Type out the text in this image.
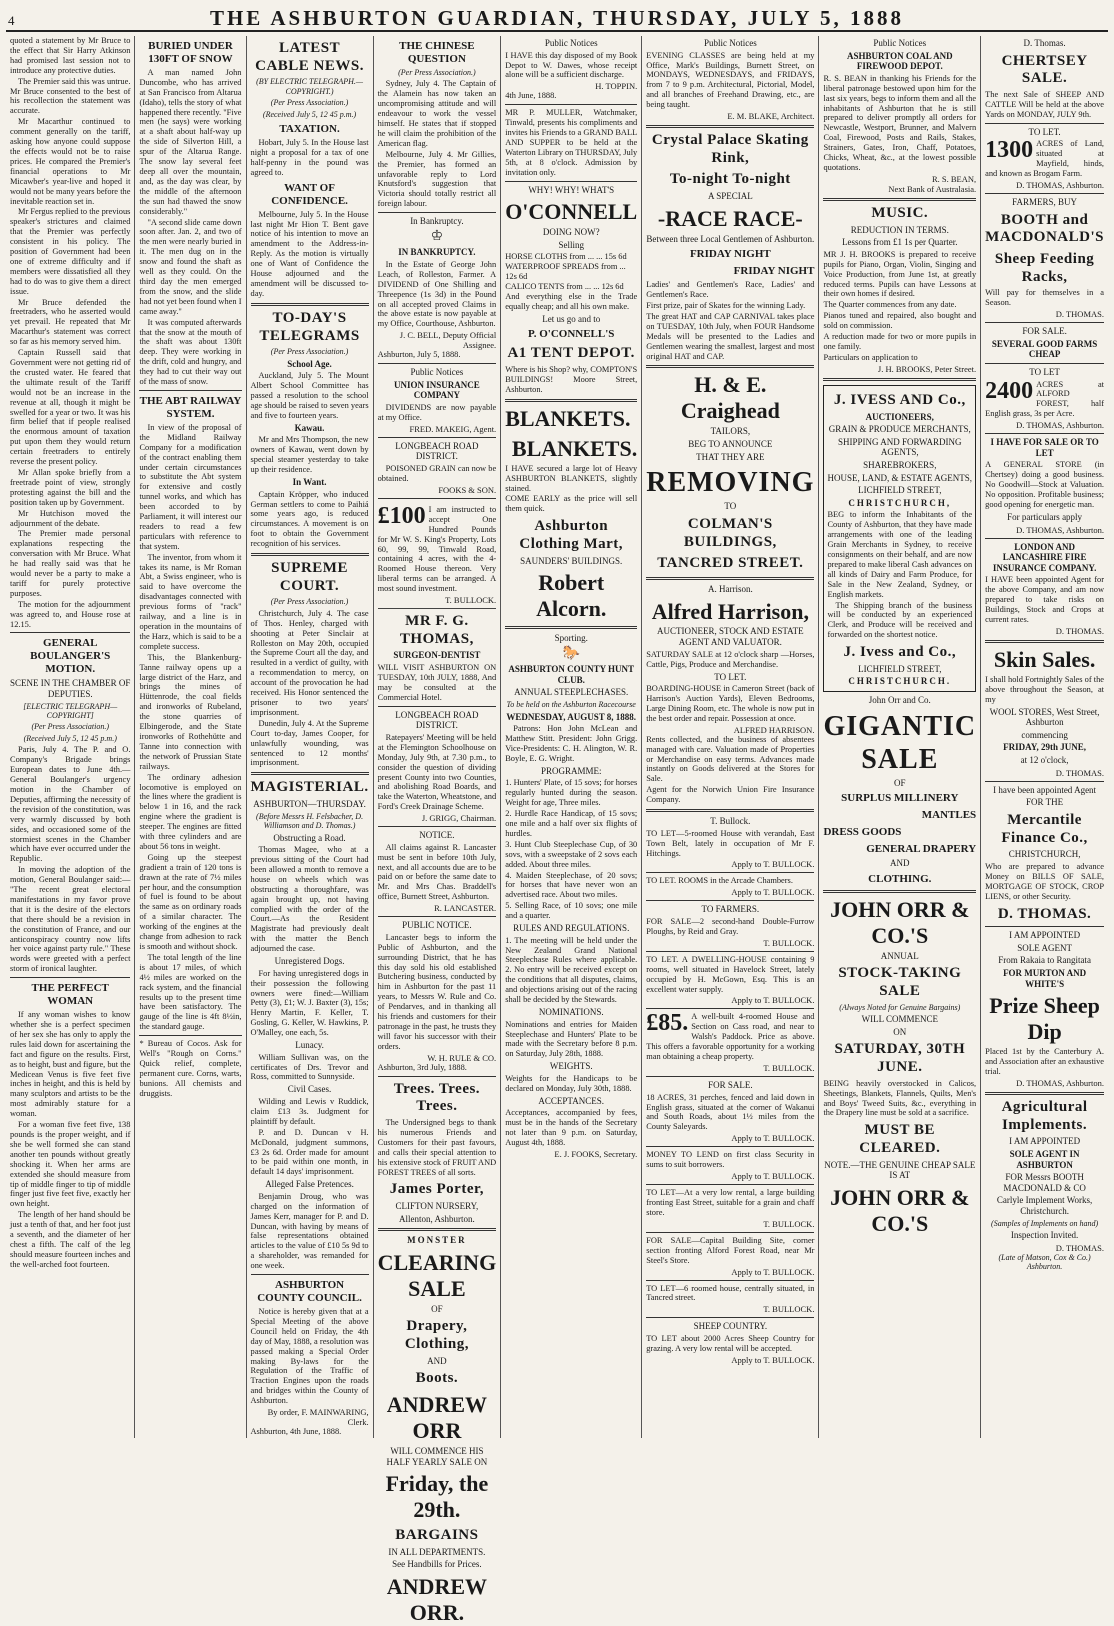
4	THE ASHBURTON GUARDIAN, THURSDAY, JULY 5, 1888

quoted a statement by Mr Bruce to the effect that Sir Harry Atkinson had promised last session not to introduce any protective duties.

The Premier said this was untrue. Mr Bruce consented to the best of his recollection the statement was accurate.

Mr Macarthur continued to comment generally on the tariff, asking how anyone could suppose the effects would not be to raise prices. He compared the Premier's financial operations to Mr Micawber's year-live and hoped it would not be many years before the inevitable reaction set in.

Mr Fergus replied to the previous speaker's strictures and claimed that the Premier was perfectly consistent in his policy. The position of Government had been one of extreme difficulty and if members were dissatisfied all they had to do was to give them a direct issue.

Mr Bruce defended the freetraders, who he asserted would yet prevail. He repeated that Mr Macarthur's statement was correct so far as his memory served him.

Captain Russell said that Government were not getting rid of the crusted water. He feared that the ultimate result of the Tariff would not be an increase in the revenue at all, though it might be swelled for a year or two. It was his firm belief that if people realised the enormous amount of taxation put upon them they would return certain freetraders to entirely reverse the present policy.

Mr Allan spoke briefly from a freetrade point of view, strongly protesting against the bill and the position taken up by Government.

Mr Hutchison moved the adjournment of the debate.

The Premier made personal explanations respecting the conversation with Mr Bruce. What he had really said was that he would never be a party to make a tariff for purely protective purposes.

The motion for the adjournment was agreed to, and House rose at 12.15.

GENERAL BOULANGER'S MOTION.
SCENE IN THE CHAMBER OF DEPUTIES.
[ELECTRIC TELEGRAPH—COPYRIGHT]
(Per Press Association.)
(Received July 5, 12 45 p.m.)

Paris, July 4. The P. and O. Company's Brigade brings European dates to June 4th.— General Boulanger's urgency motion in the Chamber of Deputies, affirming the necessity of the revision of the constitution, was very warmly discussed by both sides, and occasioned some of the stormiest scenes in the Chamber which have ever occurred under the Republic.

In moving the adoption of the motion, General Boulanger said:— "The recent great electoral manifestations in my favor prove that it is the desire of the electors that there should be a revision in the constitution of France, and our anticonspiracy country now lifts her voice against party rule." These words were greeted with a perfect storm of ironical laughter.

THE PERFECT WOMAN

If any woman wishes to know whether she is a perfect specimen of her sex she has only to apply the rules laid down for ascertaining the fact and figure on the results. First, as to height, bust and figure, but the Medicean Venus is five feet five inches in height, and this is held by many sculptors and artists to be the most admirably stature for a woman.

For a woman five feet five, 138 pounds is the proper weight, and if she be well formed she can stand another ten pounds without greatly shocking it. When her arms are extended she should measure from tip of middle finger to tip of middle finger just five feet five, exactly her own height.

The length of her hand should be just a tenth of that, and her foot just a seventh, and the diameter of her chest a fifth. The calf of the leg should measure fourteen inches and the well-arched foot fourteen.

BURIED UNDER 130FT OF SNOW

A man named John Duncombe, who has arrived at San Francisco from Altarua (Idaho), tells the story of what happened there recently. "Five men (he says) were working at a shaft about half-way up the side of Silverton Hill, a spur of the Altarua Range. The snow lay several feet deep all over the mountain, and, as the day was clear, by the middle of the afternoon the sun had thawed the snow considerably."

"A second slide came down soon after. Jan. 2, and two of the men were nearly buried in it. The men dug on in the snow and found the shaft as well as they could. On the third day the men emerged from the snow, and the slide had not yet been found when I came away."

It was computed afterwards that the snow at the mouth of the shaft was about 130ft deep. They were working in the drift, cold and hungry, and they had to cut their way out of the mass of snow.

THE ABT RAILWAY SYSTEM.

In view of the proposal of the Midland Railway Company for a modification of the contract enabling them under certain circumstances to substitute the Abt system for extensive and costly tunnel works, and which has been accorded to by Parliament, it will interest our readers to read a few particulars with reference to that system.

The inventor, from whom it takes its name, is Mr Roman Abt, a Swiss engineer, who is said to have overcome the disadvantages connected with previous forms of "rack" railway, and a line is in operation in the mountains of the Harz, which is said to be a complete success.

This, the Blankenburg-Tanne railway opens up a large district of the Harz, and brings the mines of Hüttenrode, the coal fields and ironworks of Rubeland, the stone quarries of Elbingerode, and the State ironworks of Rothehütte and Tanne into connection with the network of Prussian State railways.

The ordinary adhesion locomotive is employed on the lines where the gradient is below 1 in 16, and the rack engine where the gradient is steeper. The engines are fitted with three cylinders and are about 56 tons in weight.

Going up the steepest gradient a train of 120 tons is drawn at the rate of 7½ miles per hour, and the consumption of fuel is found to be about the same as on ordinary roads of a similar character. The working of the engines at the change from adhesion to rack is smooth and without shock.

The total length of the line is about 17 miles, of which 4½ miles are worked on the rack system, and the financial results up to the present time have been satisfactory. The gauge of the line is 4ft 8½in, the standard gauge.

* Bureau of Cocos. Ask for Well's "Rough on Corns." Quick relief, complete, permanent cure. Corns, warts, bunions. All chemists and druggists.

LATEST CABLE NEWS.
(BY ELECTRIC TELEGRAPH.—COPYRIGHT.)
(Per Press Association.)
(Received July 5, 12 45 p.m.)
TAXATION.

Hobart, July 5. In the House last night a proposal for a tax of one half-penny in the pound was agreed to.

WANT OF CONFIDENCE.

Melbourne, July 5. In the House last night Mr Hion T. Bent gave notice of his intention to move an amendment to the Address-in-Reply. As the motion is virtually one of Want of Confidence the House adjourned and the amendment will be discussed to-day.

TO-DAY'S TELEGRAMS
(Per Press Association.)
School Age.

Auckland, July 5. The Mount Albert School Committee has passed a resolution to the school age should be raised to seven years and five to fourteen years.

Kawau.

Mr and Mrs Thompson, the new owners of Kawau, went down by special steamer yesterday to take up their residence.

In Want.

Captain Kröpper, who induced German settlers to come to Paihiá some years ago, is reduced circumstances. A movement is on foot to obtain the Government recognition of his services.

SUPREME COURT.
(Per Press Association.)

Christchurch, July 4. The case of Thos. Henley, charged with shooting at Peter Sinclair at Rolleston on May 20th, occupied the Supreme Court all the day, and resulted in a verdict of guilty, with a recommendation to mercy, on account of the provocation he had received. His Honor sentenced the prisoner to two years' imprisonment.

Dunedin, July 4. At the Supreme Court to-day, James Cooper, for unlawfully wounding, was sentenced to 12 months' imprisonment.

MAGISTERIAL.
ASHBURTON—THURSDAY.
(Before Messrs H. Felsbacher, D. Williamson and D. Thomas.)
Obstructing a Road.

Thomas Magee, who at a previous sitting of the Court had been allowed a month to remove a house on wheels which was obstructing a thoroughfare, was again brought up, not having complied with the order of the Court.—As the Resident Magistrate had previously dealt with the matter the Bench adjourned the case.

Unregistered Dogs.

For having unregistered dogs in their possession the following owners were fined:—William Petty (3), £1; W. J. Baxter (3), 15s; Henry Martin, F. Keller, T. Gosling, G. Keller, W. Hawkins, P. O'Malley, one each, 5s.

Lunacy.

William Sullivan was, on the certificates of Drs. Trevor and Ross, committed to Sunnyside.

Civil Cases.

Wilding and Lewis v Ruddick, claim £13 3s. Judgment for plaintiff by default.

P. and D. Duncan v H. McDonald, judgment summons, £3 2s 6d. Order made for amount to be paid within one month, in default 14 days' imprisonment.

Alleged False Pretences.

Benjamin Droug, who was charged on the information of James Kerr, manager for P. and D. Duncan, with having by means of false representations obtained articles to the value of £10 5s 9d to a shareholder, was remanded for one week.

ASHBURTON COUNTY COUNCIL.

Notice is hereby given that at a Special Meeting of the above Council held on Friday, the 4th day of May, 1888, a resolution was passed making a Special Order making By-laws for the Regulation of the Traffic of Traction Engines upon the roads and bridges within the County of Ashburton.

By order, F. MAINWARING, Clerk.
Ashburton, 4th June, 1888.
THE CHINESE QUESTION
(Per Press Association.)

Sydney, July 4. The Captain of the Alamein has now taken an uncompromising attitude and will endeavour to work the vessel himself. He states that if stopped he will claim the prohibition of the American flag.

Melbourne, July 4. Mr Gillies, the Premier, has formed an unfavorable reply to Lord Knutsford's suggestion that Victoria should totally restrict all foreign labour.

In Bankruptcy.
♔
IN BANKRUPTCY.

In the Estate of George John Leach, of Rolleston, Farmer. A DIVIDEND of One Shilling and Threepence (1s 3d) in the Pound on all accepted proved Claims in the above estate is now payable at my Office, Courthouse, Ashburton.

J. C. BELL, Deputy Official Assignee.
Ashburton, July 5, 1888.
Public Notices
UNION INSURANCE COMPANY

DIVIDENDS are now payable at my Office.

FRED. MAKEIG, Agent.
LONGBEACH ROAD DISTRICT.

POISONED GRAIN can now be obtained.

FOOKS & SON.
£100 I am instructed to accept One Hundred Pounds for Mr W. S. King's Property, Lots 60, 99, 99, Tinwald Road, containing 4 acres, with the 4-Roomed House thereon. Very liberal terms can be arranged. A most sound investment.

T. BULLOCK.
MR F. G. THOMAS,
SURGEON-DENTIST

WILL VISIT ASHBURTON ON TUESDAY, 10th JULY, 1888, And may be consulted at the Commercial Hotel.

LONGBEACH ROAD DISTRICT.

Ratepayers' Meeting will be held at the Flemington Schoolhouse on Monday, July 9th, at 7.30 p.m., to consider the question of dividing present County into two Counties, and abolishing Road Boards, and take the Waterton, Wheatstone, and Ford's Creek Drainage Scheme.

J. GRIGG, Chairman.
NOTICE.

All claims against R. Lancaster must be sent in before 10th July, next, and all accounts due are to be paid on or before the same date to Mr. and Mrs Chas. Braddell's office, Burnett Street, Ashburton.

R. LANCASTER.
PUBLIC NOTICE.

Lancaster begs to inform the Public of Ashburton, and the surrounding District, that he has this day sold his old established Butchering business, conducted by him in Ashburton for the past 11 years, to Messrs W. Rule and Co. of Pendarves, and in thanking all his friends and customers for their patronage in the past, he trusts they will favor his successor with their orders.

W. H. RULE & CO.
Ashburton, 3rd July, 1888.
Trees. Trees. Trees.

The Undersigned begs to thank his numerous Friends and Customers for their past favours, and calls their special attention to his extensive stock of FRUIT AND FOREST TREES of all sorts.

James Porter,
CLIFTON NURSERY,
Allenton, Ashburton.
MONSTER
CLEARING SALE
OF
Drapery, Clothing,
AND
Boots.
ANDREW ORR
WILL COMMENCE HIS HALF YEARLY SALE ON
Friday, the 29th.
BARGAINS
IN ALL DEPARTMENTS.
See Handbills for Prices.
ANDREW ORR.
Public Notices

I HAVE this day disposed of my Book Depot to W. Dawes, whose receipt alone will be a sufficient discharge.

H. TOPPIN.
4th June, 1888.

MR P. MULLER, Watchmaker, Tinwald, presents his compliments and invites his Friends to a GRAND BALL AND SUPPER to be held at the Waterton Library on THURSDAY, July 5th, at 8 o'clock. Admission by invitation only.

WHY! WHY! WHAT'S
O'CONNELL
DOING NOW?
Selling
HORSE CLOTHS from ... ... 15s 6d
WATERPROOF SPREADS from ... 12s 6d
CALICO TENTS from ... ... 12s 6d

And everything else in the Trade equally cheap; and all his own make.

Let us go and to
P. O'CONNELL'S
A1 TENT DEPOT.

Where is his Shop? why, COMPTON'S BUILDINGS! Moore Street, Ashburton.

BLANKETS.
BLANKETS.

I HAVE secured a large lot of Heavy ASHBURTON BLANKETS, slightly stained.

COME EARLY as the price will sell them quick.

Ashburton Clothing Mart,
SAUNDERS' BUILDINGS.
Robert Alcorn.
Sporting.
🐎
ASHBURTON COUNTY HUNT CLUB.
ANNUAL STEEPLECHASES.
To be held on the Ashburton Racecourse
WEDNESDAY, AUGUST 8, 1888.

Patrons: Hon John McLean and Matthew Stitt. President: John Grigg. Vice-Presidents: C. H. Alington, W. R. Boyle, E. G. Wright.

PROGRAMME:

1. Hunters' Plate, of 15 sovs; for horses regularly hunted during the season. Weight for age, Three miles.

2. Hurdle Race Handicap, of 15 sovs; one mile and a half over six flights of hurdles.

3. Hunt Club Steeplechase Cup, of 30 sovs, with a sweepstake of 2 sovs each added. About three miles.

4. Maiden Steeplechase, of 20 sovs; for horses that have never won an advertised race. About two miles.

5. Selling Race, of 10 sovs; one mile and a quarter.

RULES AND REGULATIONS.

1. The meeting will be held under the New Zealand Grand National Steeplechase Rules where applicable. 2. No entry will be received except on the conditions that all disputes, claims, and objections arising out of the racing shall be decided by the Stewards.

NOMINATIONS.

Nominations and entries for Maiden Steeplechase and Hunters' Plate to be made with the Secretary before 8 p.m. on Saturday, July 28th, 1888.

WEIGHTS.

Weights for the Handicaps to be declared on Monday, July 30th, 1888.

ACCEPTANCES.

Acceptances, accompanied by fees, must be in the hands of the Secretary not later than 9 p.m. on Saturday, August 4th, 1888.

E. J. FOOKS, Secretary.
Public Notices

EVENING CLASSES are being held at my Office, Mark's Buildings, Burnett Street, on MONDAYS, WEDNESDAYS, and FRIDAYS, from 7 to 9 p.m. Architectural, Pictorial, Model, and all branches of Freehand Drawing, etc., are being taught.

E. M. BLAKE, Architect.
Crystal Palace Skating Rink,
To-night To-night
A SPECIAL
-RACE RACE-
Between three Local Gentlemen of Ashburton.
FRIDAY NIGHT
FRIDAY NIGHT

Ladies' and Gentlemen's Race, Ladies' and Gentlemen's Race.

First prize, pair of Skates for the winning Lady.

The great HAT and CAP CARNIVAL takes place on TUESDAY, 10th July, when FOUR Handsome Medals will be presented to the Ladies and Gentlemen wearing the smallest, largest and most original HAT and CAP.

H. & E. Craighead
TAILORS,
BEG TO ANNOUNCE
THAT THEY ARE
REMOVING
TO
COLMAN'S BUILDINGS,
TANCRED STREET.
A. Harrison.
Alfred Harrison,
AUCTIONEER, STOCK AND ESTATE AGENT AND VALUATOR.

SATURDAY SALE at 12 o'clock sharp —Horses, Cattle, Pigs, Produce and Merchandise.

TO LET.

BOARDING-HOUSE in Cameron Street (back of Harrison's Auction Yards), Eleven Bedrooms, Large Dining Room, etc. The whole is now put in the best order and repair. Possession at once.

ALFRED HARRISON.

Rents collected, and the business of absentees managed with care. Valuation made of Properties or Merchandise on easy terms. Advances made instantly on Goods delivered at the Stores for Sale.

Agent for the Norwich Union Fire Insurance Company.

T. Bullock.

TO LET—5-roomed House with verandah, East Town Belt, lately in occupation of Mr F. Hitchings.

Apply to T. BULLOCK.

TO LET. ROOMS in the Arcade Chambers.

Apply to T. BULLOCK.
TO FARMERS.

FOR SALE—2 second-hand Double-Furrow Ploughs, by Reid and Gray.

T. BULLOCK.

TO LET. A DWELLING-HOUSE containing 9 rooms, well situated in Havelock Street, lately occupied by H. McGown, Esq. This is an excellent water supply.

Apply to T. BULLOCK.
£85. A well-built 4-roomed House and Section on Cass road, and near to Walsh's Paddock. Price as above. This offers a favorable opportunity for a working man obtaining a cheap property.

T. BULLOCK.
FOR SALE.

18 ACRES, 31 perches, fenced and laid down in English grass, situated at the corner of Wakanui and South Roads, about 1½ miles from the County Saleyards.

Apply to T. BULLOCK.

MONEY TO LEND on first class Security in sums to suit borrowers.

Apply to T. BULLOCK.

TO LET—At a very low rental, a large building fronting East Street, suitable for a grain and chaff store.

T. BULLOCK.

FOR SALE—Capital Building Site, corner section fronting Alford Forest Road, near Mr Steel's Store.

Apply to T. BULLOCK.

TO LET—6 roomed house, centrally situated, in Tancred street.

T. BULLOCK.
SHEEP COUNTRY.

TO LET about 2000 Acres Sheep Country for grazing. A very low rental will be accepted.

Apply to T. BULLOCK.
Public Notices
ASHBURTON COAL AND FIREWOOD DEPOT.

R. S. BEAN in thanking his Friends for the liberal patronage bestowed upon him for the last six years, begs to inform them and all the inhabitants of Ashburton that he is still prepared to deliver promptly all orders for Newcastle, Westport, Brunner, and Malvern Coal, Firewood, Posts and Rails, Stakes, Strainers, Gates, Iron, Chaff, Potatoes, Chicks, Wheat, &c., at the lowest possible quotations.

R. S. BEAN,
Next Bank of Australasia.
MUSIC.
REDUCTION IN TERMS.
Lessons from £1 1s per Quarter.

MR J. H. BROOKS is prepared to receive pupils for Piano, Organ, Violin, Singing and Voice Production, from June 1st, at greatly reduced terms. Pupils can have Lessons at their own homes if desired.

The Quarter commences from any date.

Pianos tuned and repaired, also bought and sold on commission.

A reduction made for two or more pupils in one family.

Particulars on application to

J. H. BROOKS, Peter Street.
J. IVESS AND Co.,
AUCTIONEERS,
GRAIN & PRODUCE MERCHANTS,
SHIPPING AND FORWARDING AGENTS,
SHAREBROKERS,
HOUSE, LAND, & ESTATE AGENTS,
LICHFIELD STREET,
CHRISTCHURCH,

BEG to inform the Inhabitants of the County of Ashburton, that they have made arrangements with one of the leading Grain Merchants in Sydney, to receive consignments on their behalf, and are now prepared to make liberal Cash advances on all kinds of Dairy and Farm Produce, for Sale in the New Zealand, Sydney, or English markets.

The Shipping branch of the business will be conducted by an experienced Clerk, and Produce will be received and forwarded on the shortest notice.

J. Ivess and Co.,
LICHFIELD STREET,
CHRISTCHURCH.
John Orr and Co.
GIGANTIC SALE
OF
SURPLUS MILLINERY
MANTLES
DRESS GOODS
GENERAL DRAPERY
AND
CLOTHING.
JOHN ORR & CO.'S
ANNUAL
STOCK-TAKING SALE
(Always Noted for Genuine Bargains)
WILL COMMENCE
ON
SATURDAY, 30TH JUNE.

BEING heavily overstocked in Calicos, Sheetings, Blankets, Flannels, Quilts, Men's and Boys' Tweed Suits, &c., everything in the Drapery line must be sold at a sacrifice.

MUST BE CLEARED.
NOTE.—THE GENUINE CHEAP SALE IS AT
JOHN ORR & CO.'S
D. Thomas.
CHERTSEY SALE.

The next Sale of SHEEP AND CATTLE Will be held at the above Yards on MONDAY, JULY 9th.

TO LET.
1300 ACRES of Land, situated at Mayfield, hinds, and known as Brogam Farm.

D. THOMAS, Ashburton.
FARMERS, BUY
BOOTH and MACDONALD'S
Sheep Feeding Racks,

Will pay for themselves in a Season.

D. THOMAS.
FOR SALE.
SEVERAL GOOD FARMS CHEAP
TO LET
2400 ACRES at ALFORD FOREST, half English grass, 3s per Acre.

D. THOMAS, Ashburton.
I HAVE FOR SALE OR TO LET

A GENERAL STORE (in Chertsey) doing a good business. No Goodwill—Stock at Valuation. No opposition. Profitable business; good opening for energetic man.

For particulars apply
D. THOMAS, Ashburton.
LONDON AND LANCASHIRE FIRE INSURANCE COMPANY.

I HAVE been appointed Agent for the above Company, and am now prepared to take risks on Buildings, Stock and Crops at current rates.

D. THOMAS.
Skin Sales.

I shall hold Fortnightly Sales of the above throughout the Season, at my

WOOL STORES, West Street, Ashburton
commencing
FRIDAY, 29th JUNE,
at 12 o'clock,
D. THOMAS.
I have been appointed Agent
FOR THE
Mercantile Finance Co.,
CHRISTCHURCH,

Who are prepared to advance Money on BILLS OF SALE, MORTGAGE OF STOCK, CROP LIENS, or other Security.

D. THOMAS.
I AM APPOINTED
SOLE AGENT
From Rakaia to Rangitata
FOR MURTON AND WHITE'S
Prize Sheep Dip

Placed 1st by the Canterbury A. and Association after an exhaustive trial.

D. THOMAS, Ashburton.
Agricultural Implements.
I AM APPOINTED
SOLE AGENT IN ASHBURTON
FOR Messrs BOOTH MACDONALD & CO
Carlyle Implement Works, Christchurch.
(Samples of Implements on hand)
Inspection Invited.
D. THOMAS.
(Late of Matson, Cox & Co.) Ashburton.
